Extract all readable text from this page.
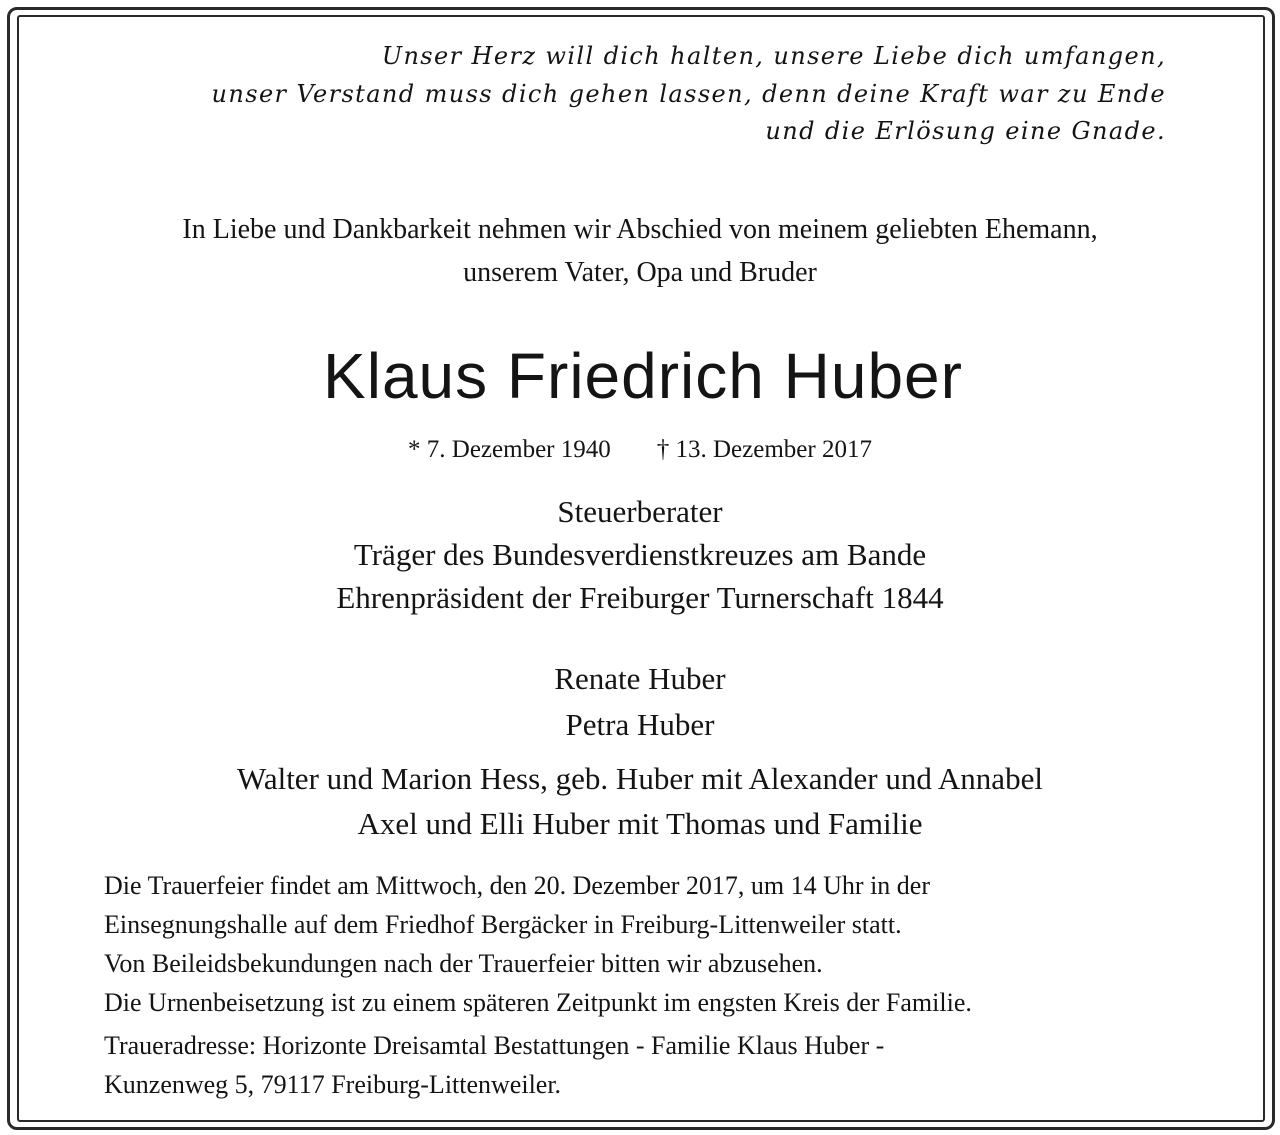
Unser Herz will dich halten, unsere Liebe dich umfangen,
unser Verstand muss dich gehen lassen, denn deine Kraft war zu Ende
und die Erlösung eine Gnade.
In Liebe und Dankbarkeit nehmen wir Abschied von meinem geliebten Ehemann,
unserem Vater, Opa und Bruder
Klaus Friedrich Huber
* 7. Dezember 1940 † 13. Dezember 2017
Steuerberater
Träger des Bundesverdienstkreuzes am Bande
Ehrenpräsident der Freiburger Turnerschaft 1844
Renate Huber
Petra Huber
Walter und Marion Hess, geb. Huber mit Alexander und Annabel
Axel und Elli Huber mit Thomas und Familie
Die Trauerfeier findet am Mittwoch, den 20. Dezember 2017, um 14 Uhr in der
Einsegnungshalle auf dem Friedhof Bergäcker in Freiburg-Littenweiler statt.
Von Beileidsbekundungen nach der Trauerfeier bitten wir abzusehen.
Die Urnenbeisetzung ist zu einem späteren Zeitpunkt im engsten Kreis der Familie.
Traueradresse: Horizonte Dreisamtal Bestattungen - Familie Klaus Huber -
Kunzenweg 5, 79117 Freiburg-Littenweiler.
